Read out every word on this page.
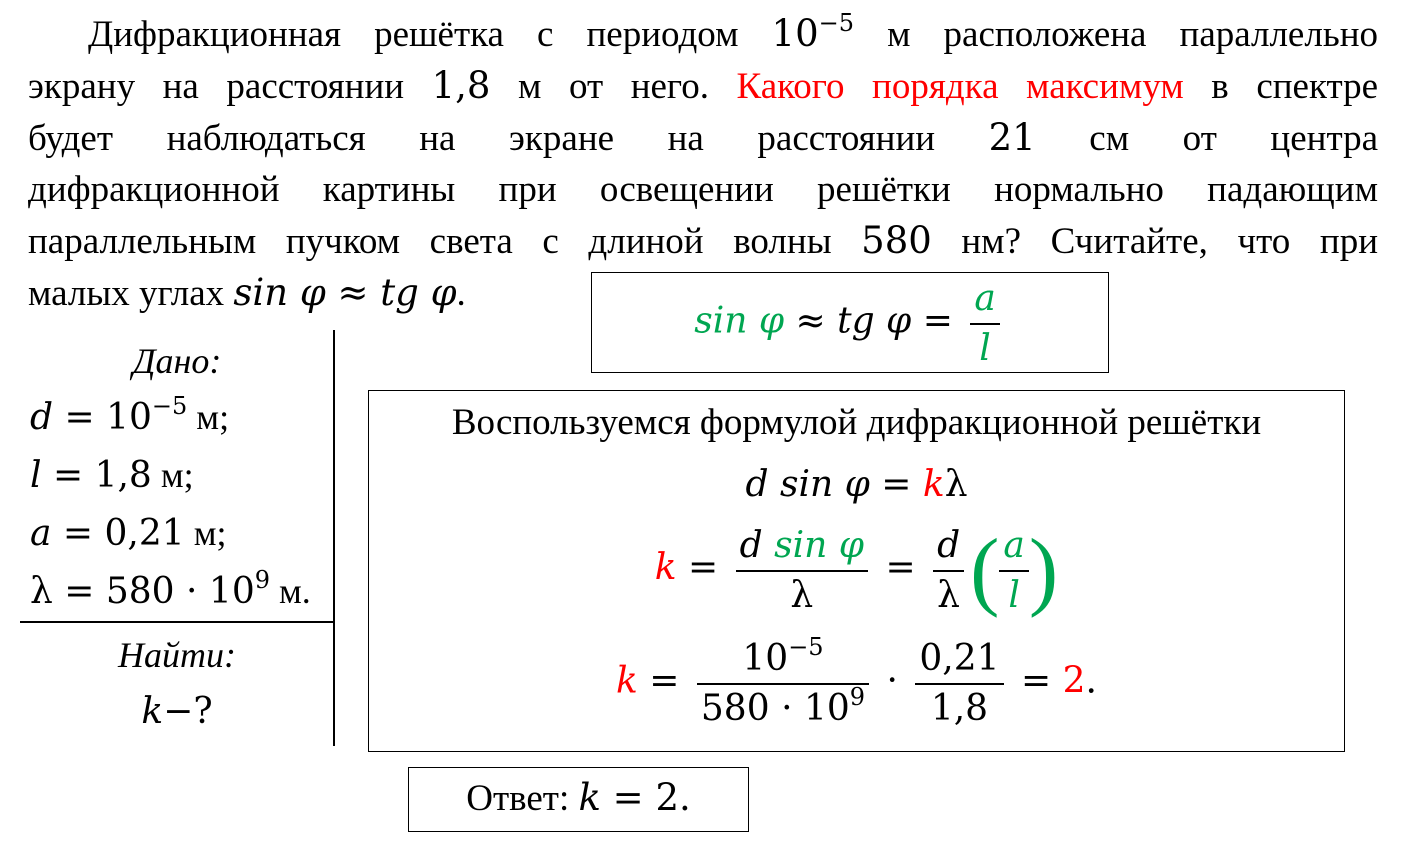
Дифракционная решётка с периодом $10^{-5}$ м расположена параллельно
экрану на расстоянии 1,8 м от него. Какого порядка максимум в спектре
будет наблюдаться на экране на расстоянии 21 см от центра
дифракционной картины при освещении решётки нормально падающим
параллельным пучком света с длиной волны 580 нм? Считайте, что при
малых углах sin φ ≈ tg φ.
sin φ ≈ tg $\varphi = \frac{a}{l}$
Дано:
$d = 10^{-5}$ м;
l = 1,8 м;
a = 0,21 м;
$\lambda = 580 \cdot 10^9$ м.
Найти:
k−?
Воспользуемся формулой дифракционной решётки
d sin φ = kλ
$k = \frac{\text{d sin φ}}{\lambda} = \frac{d}{\lambda}$ ( $\frac{a}{l}$ )
$k = \frac{10^{-5}}{580 \cdot 10^9} \cdot \frac{0,21}{1,8} = 2$.
Ответ: k = 2.
